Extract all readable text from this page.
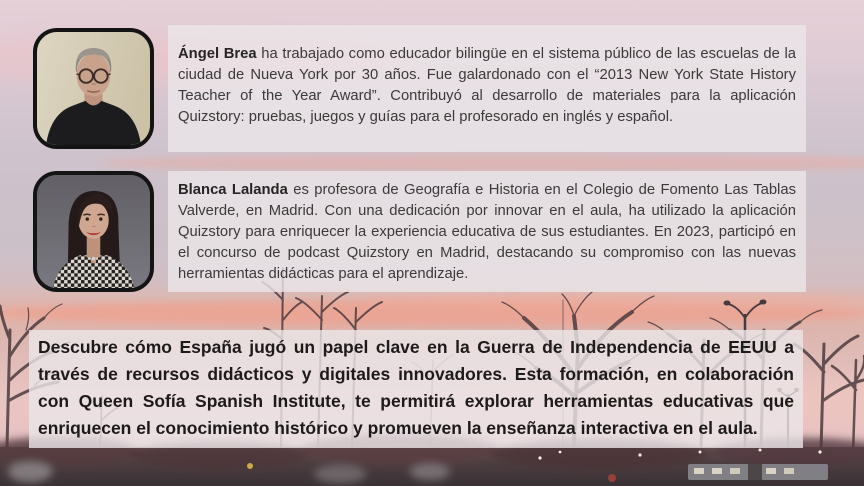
Ángel Brea ha trabajado como educador bilingüe en el sistema público de las escuelas de la ciudad de Nueva York por 30 años. Fue galardonado con el “2013 New York State History Teacher of the Year Award”. Contribuyó al desarrollo de materiales para la aplicación Quizstory: pruebas, juegos y guías para el profesorado en inglés y español.

Blanca Lalanda es profesora de Geografía e Historia en el Colegio de Fomento Las Tablas Valverde, en Madrid. Con una dedicación por innovar en el aula, ha utilizado la aplicación Quizstory para enriquecer la experiencia educativa de sus estudiantes. En 2023, participó en el concurso de podcast Quizstory en Madrid, destacando su compromiso con las nuevas herramientas didácticas para el aprendizaje.

Descubre cómo España jugó un papel clave en la Guerra de Independencia de EEUU a través de recursos didácticos y digitales innovadores. Esta formación, en colaboración con Queen Sofía Spanish Institute, te permitirá explorar herramientas educativas que enriquecen el conocimiento histórico y promueven la enseñanza interactiva en el aula.
